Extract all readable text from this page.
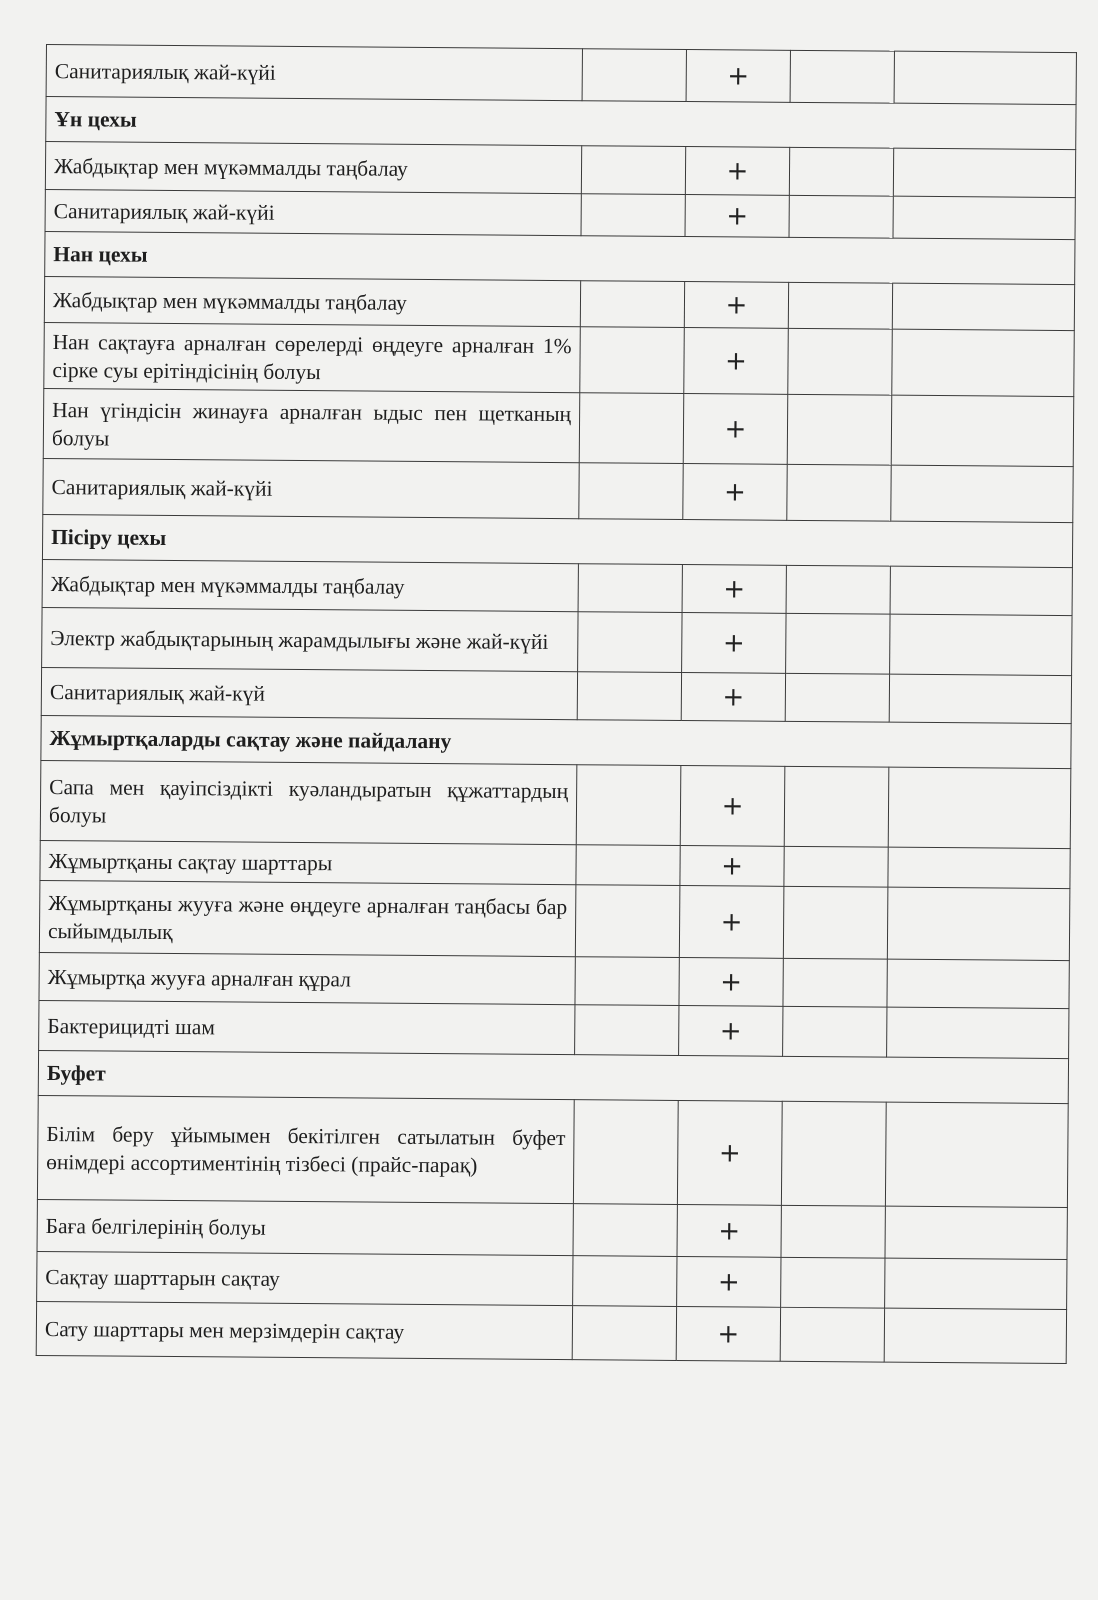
Санитариялық жай-күйі		+		
Ұн цехы				
Жабдықтар мен мүкәммалды таңбалау		+		
Санитариялық жай-күйі		+		
Нан цехы				
Жабдықтар мен мүкәммалды таңбалау		+		
Нан сақтауға арналған сөрелерді өңдеуге арналған 1% сірке суы ерітіндісінің болуы		+		
Нан үгіндісін жинауға арналған ыдыс пен щетканың болуы		+		
Санитариялық жай-күйі		+		
Пісіру цехы				
Жабдықтар мен мүкәммалды таңбалау		+		
Электр жабдықтарының жарамдылығы және жай-күйі		+		
Санитариялық жай-күй		+		
Жұмыртқаларды сақтау және пайдалану				
Сапа мен қауіпсіздікті куәландыратын құжаттардың болуы		+		
Жұмыртқаны сақтау шарттары		+		
Жұмыртқаны жууға және өңдеуге арналған таңбасы бар сыйымдылық		+		
Жұмыртқа жууға арналған құрал		+		
Бактерицидті шам		+		
Буфет				
Білім беру ұйымымен бекітілген сатылатын буфет өнімдері ассортиментінің тізбесі (прайс-парақ)		+		
Баға белгілерінің болуы		+		
Сақтау шарттарын сақтау		+		
Сату шарттары мен мерзімдерін сақтау		+		
